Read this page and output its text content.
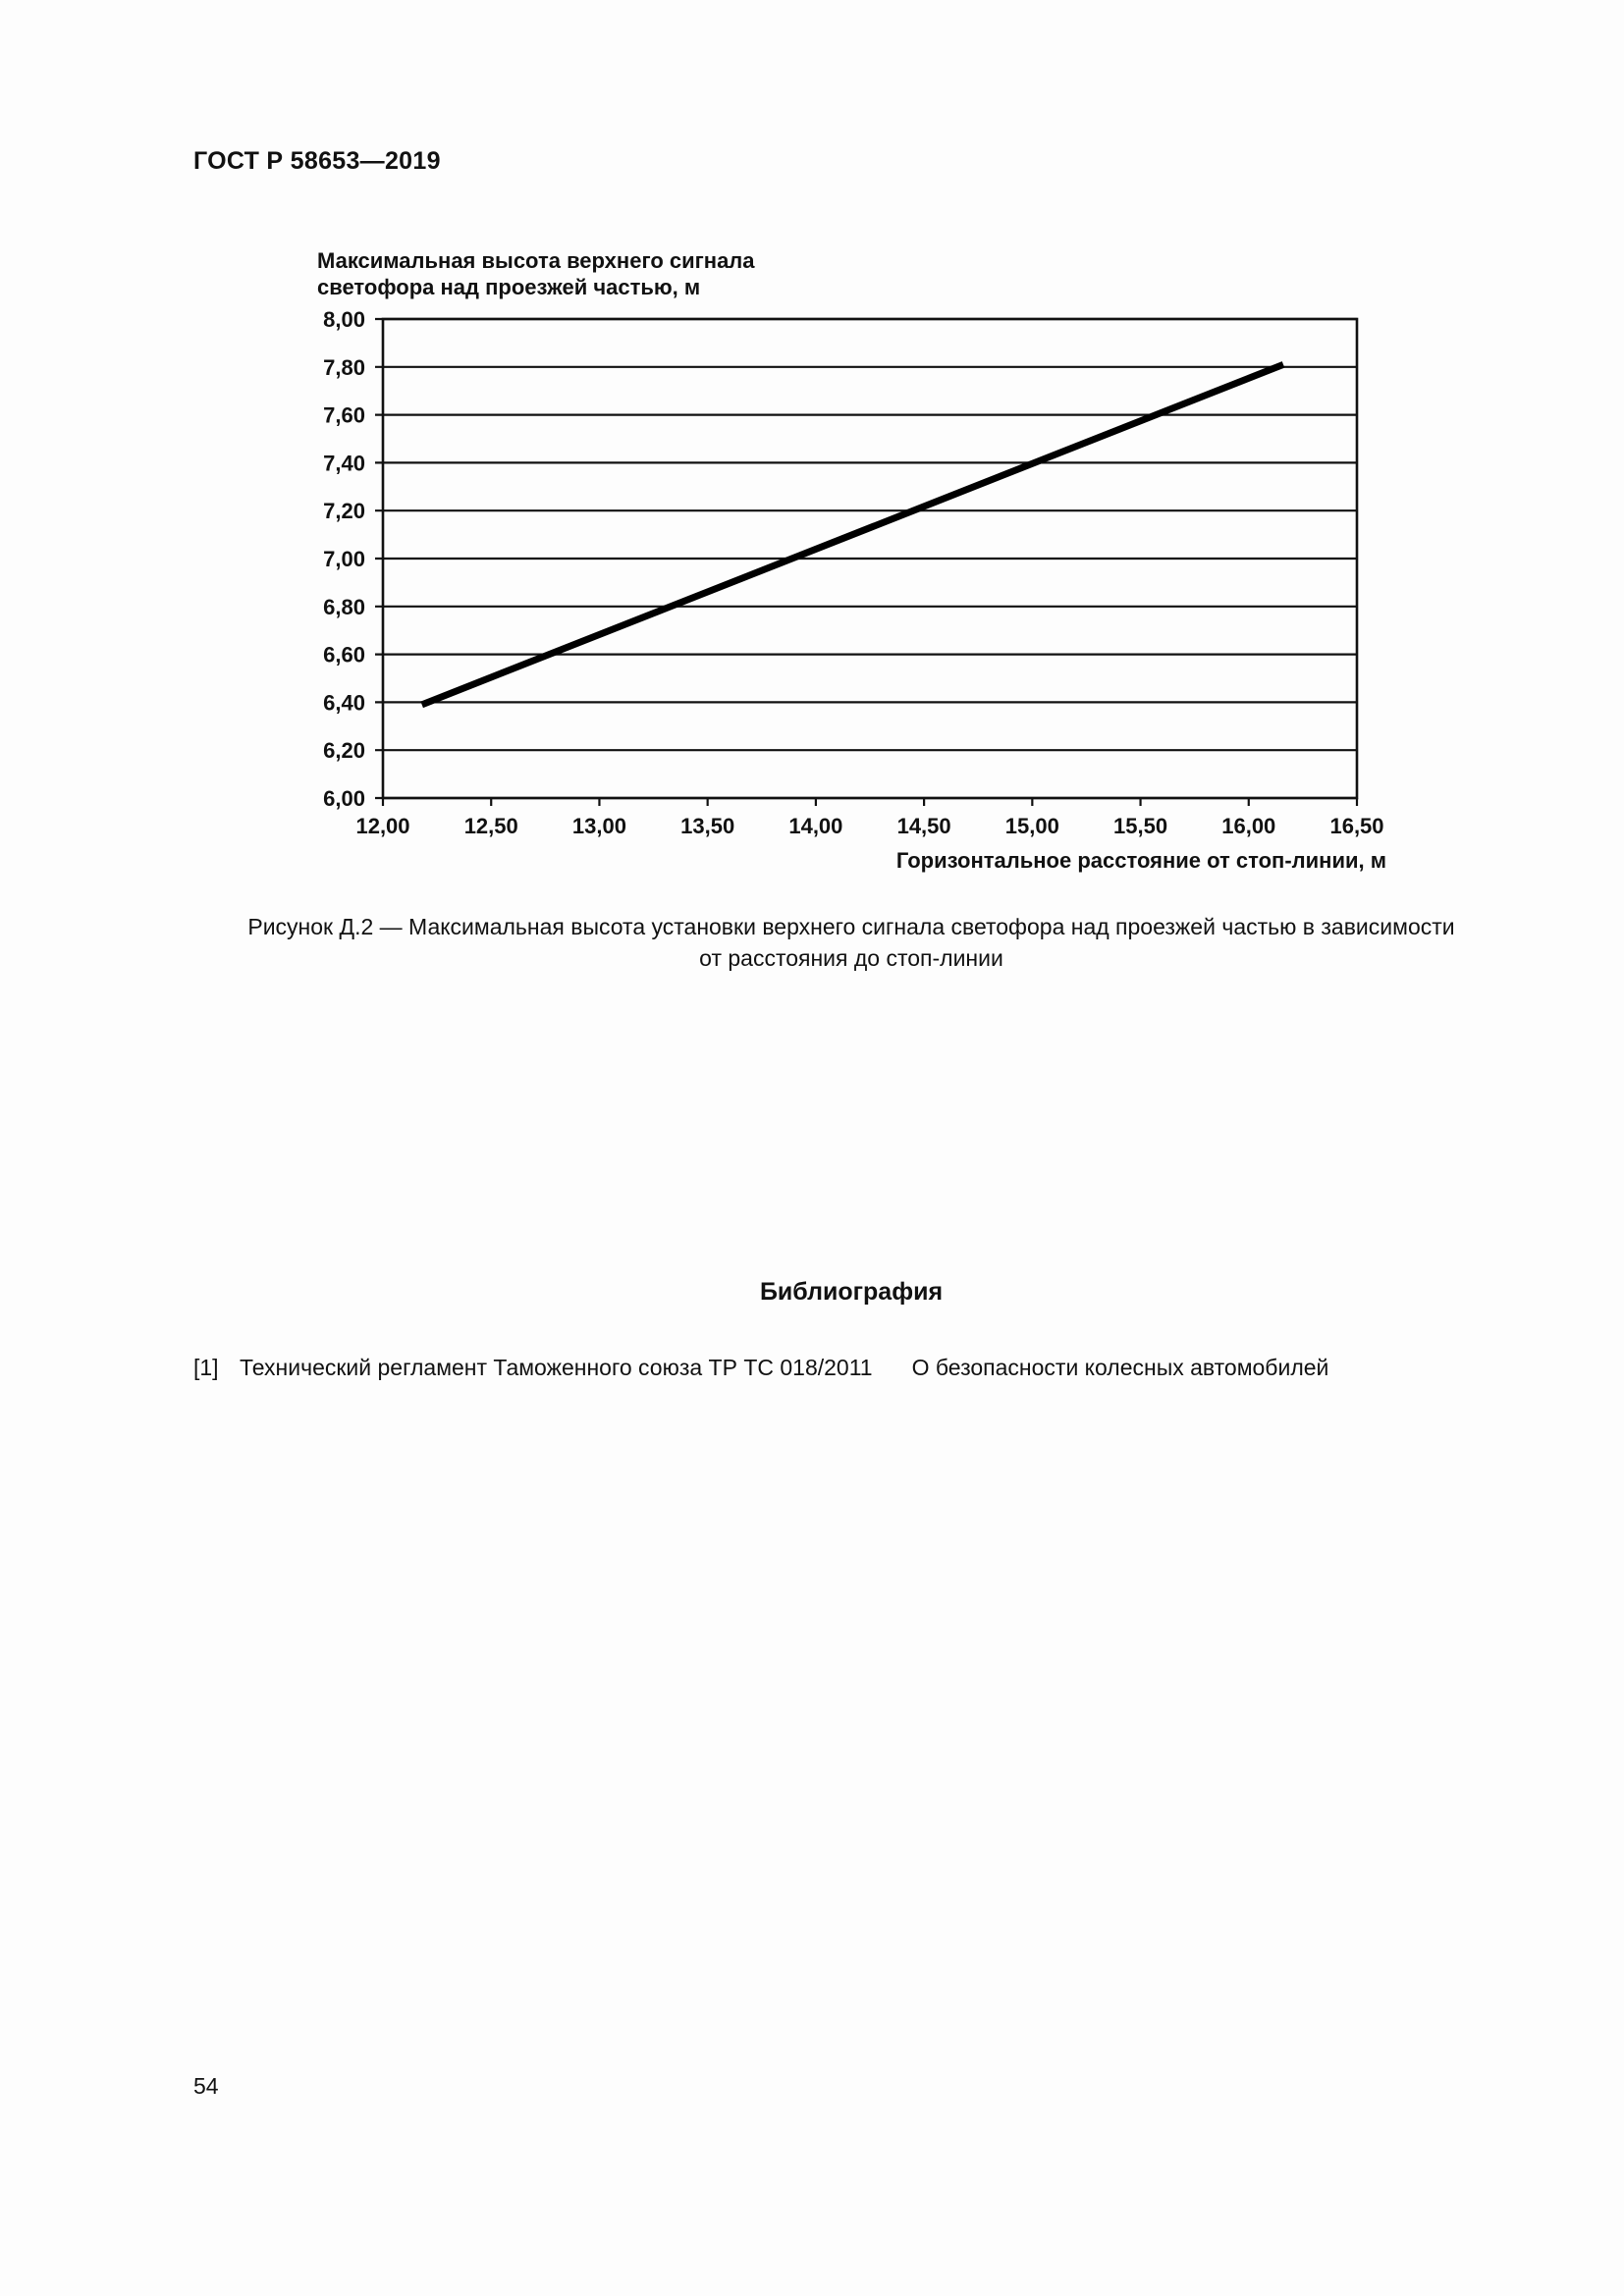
ГОСТ Р 58653—2019
Максимальная высота верхнего сигнала
светофора над проезжей частью, м
6,00
6,20
6,40
6,60
6,80
7,00
7,20
7,40
7,60
7,80
8,00
12,00	12,50	13,00	13,50	14,00	14,50	15,00	15,50	16,00	16,50
Горизонтальное расстояние от стоп-линии, м
Рисунок Д.2 — Максимальная высота установки верхнего сигнала светофора над проезжей частью в зависимости
от расстояния до стоп-линии
Библиография
[1] Технический регламент Таможенного союза ТР ТС 018/2011 О безопасности колесных автомобилей
54
